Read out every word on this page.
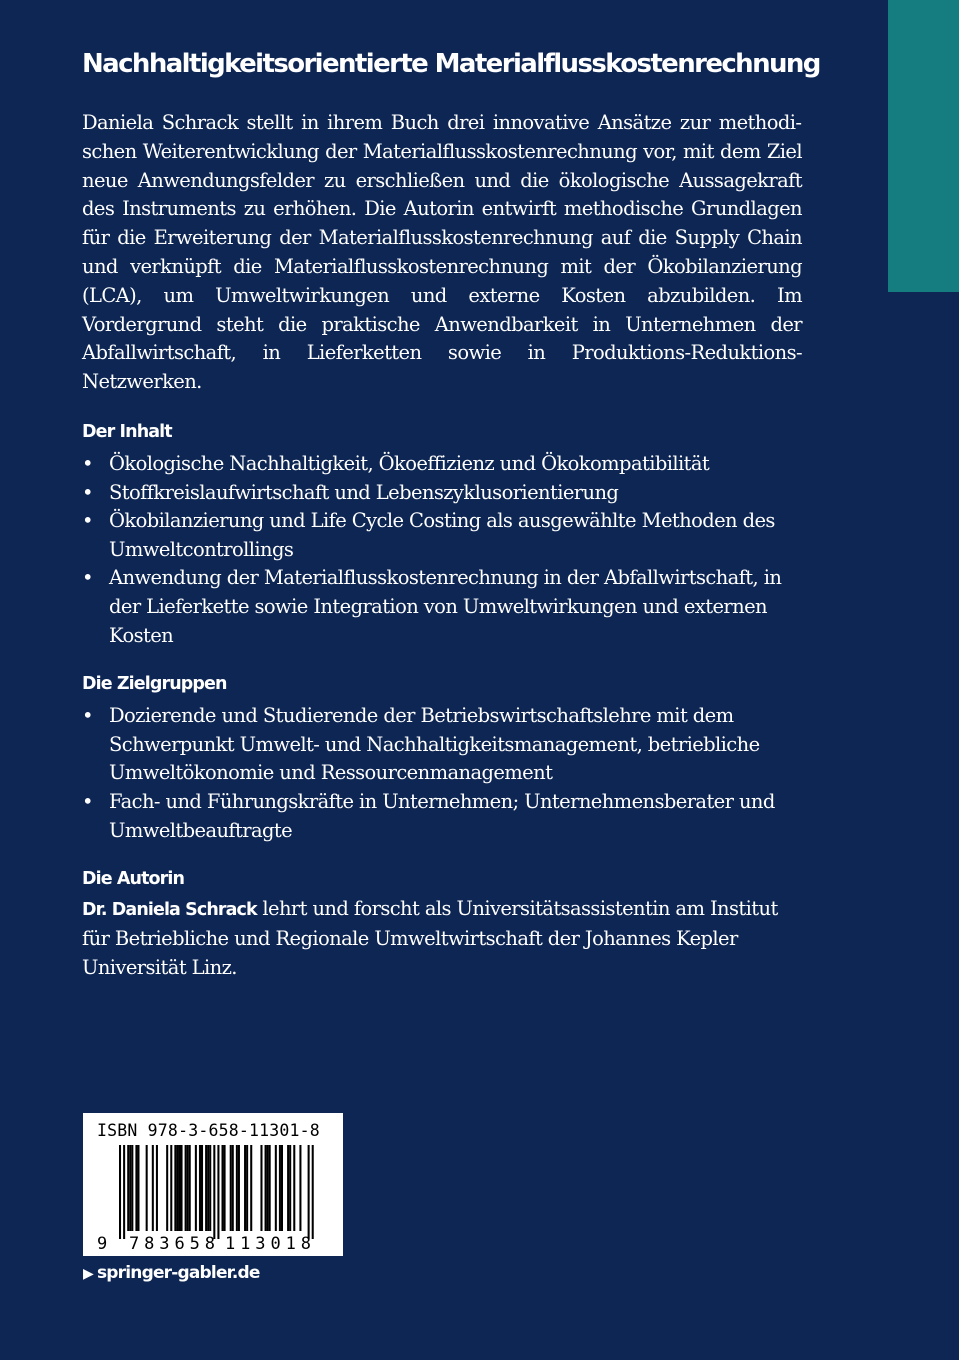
Nachhaltigkeitsorientierte Materialflusskostenrechnung

Daniela Schrack stellt in ihrem Buch drei innovative Ansätze zur methodischen Weiterentwicklung der Materialflusskostenrechnung vor, mit dem Ziel neue Anwendungsfelder zu erschließen und die ökologische Aussagekraft des Instruments zu erhöhen. Die Autorin entwirft methodische Grundlagen für die Erweiterung der Materialflusskostenrechnung auf die Supply Chain und verknüpft die Materialflusskostenrechnung mit der Ökobilanzierung (LCA), um Umweltwirkungen und externe Kosten abzubilden. Im Vordergrund steht die praktische Anwendbarkeit in Unternehmen der Abfallwirtschaft, in Lieferketten sowie in Produktions-Reduktions-Netzwerken.

Der Inhalt
• Ökologische Nachhaltigkeit, Ökoeffizienz und Ökokompatibilität
• Stoffkreislaufwirtschaft und Lebenszyklusorientierung
• Ökobilanzierung und Life Cycle Costing als ausgewählte Methoden des Umweltcontrollings
• Anwendung der Materialflusskostenrechnung in der Abfallwirtschaft, in der Lieferkette sowie Integration von Umweltwirkungen und externen Kosten
Die Zielgruppen
• Dozierende und Studierende der Betriebswirtschaftslehre mit dem Schwerpunkt Umwelt- und Nachhaltigkeitsmanagement, betriebliche Umweltökonomie und Ressourcenmanagement
• Fach- und Führungskräfte in Unternehmen; Unternehmensberater und Umweltbeauftragte
Die Autorin

Dr. Daniela Schrack lehrt und forscht als Universitätsassistentin am Institut für Betriebliche und Regionale Umweltwirtschaft der Johannes Kepler Universität Linz.

9 783658 113018
ISBN 978-3-658-11301-8
▶ springer-gabler.de
